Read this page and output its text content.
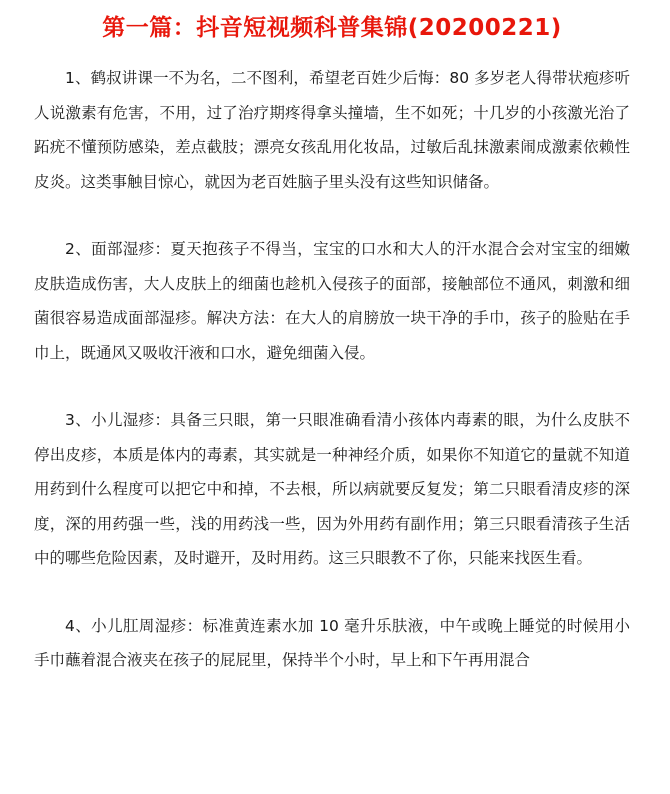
第一篇：抖音短视频科普集锦(20200221)

1、鹤叔讲课一不为名，二不图利，希望老百姓少后悔：80 多岁老人得带状疱疹听人说激素有危害，不用，过了治疗期疼得拿头撞墙，生不如死；十几岁的小孩激光治了跖疣不懂预防感染，差点截肢；漂亮女孩乱用化妆品，过敏后乱抹激素闹成激素依赖性皮炎。这类事触目惊心，就因为老百姓脑子里头没有这些知识储备。

2、面部湿疹：夏天抱孩子不得当，宝宝的口水和大人的汗水混合会对宝宝的细嫩皮肤造成伤害，大人皮肤上的细菌也趁机入侵孩子的面部，接触部位不通风，刺激和细菌很容易造成面部湿疹。解决方法：在大人的肩膀放一块干净的手巾，孩子的脸贴在手巾上，既通风又吸收汗液和口水，避免细菌入侵。

3、小儿湿疹：具备三只眼，第一只眼准确看清小孩体内毒素的眼，为什么皮肤不停出皮疹，本质是体内的毒素，其实就是一种神经介质，如果你不知道它的量就不知道用药到什么程度可以把它中和掉，不去根，所以病就要反复发；第二只眼看清皮疹的深度，深的用药强一些，浅的用药浅一些，因为外用药有副作用；第三只眼看清孩子生活中的哪些危险因素，及时避开，及时用药。这三只眼教不了你，只能来找医生看。

4、小儿肛周湿疹：标准黄连素水加 10 毫升乐肤液，中午或晚上睡觉的时候用小手巾蘸着混合液夹在孩子的屁屁里，保持半个小时，早上和下午再用混合
